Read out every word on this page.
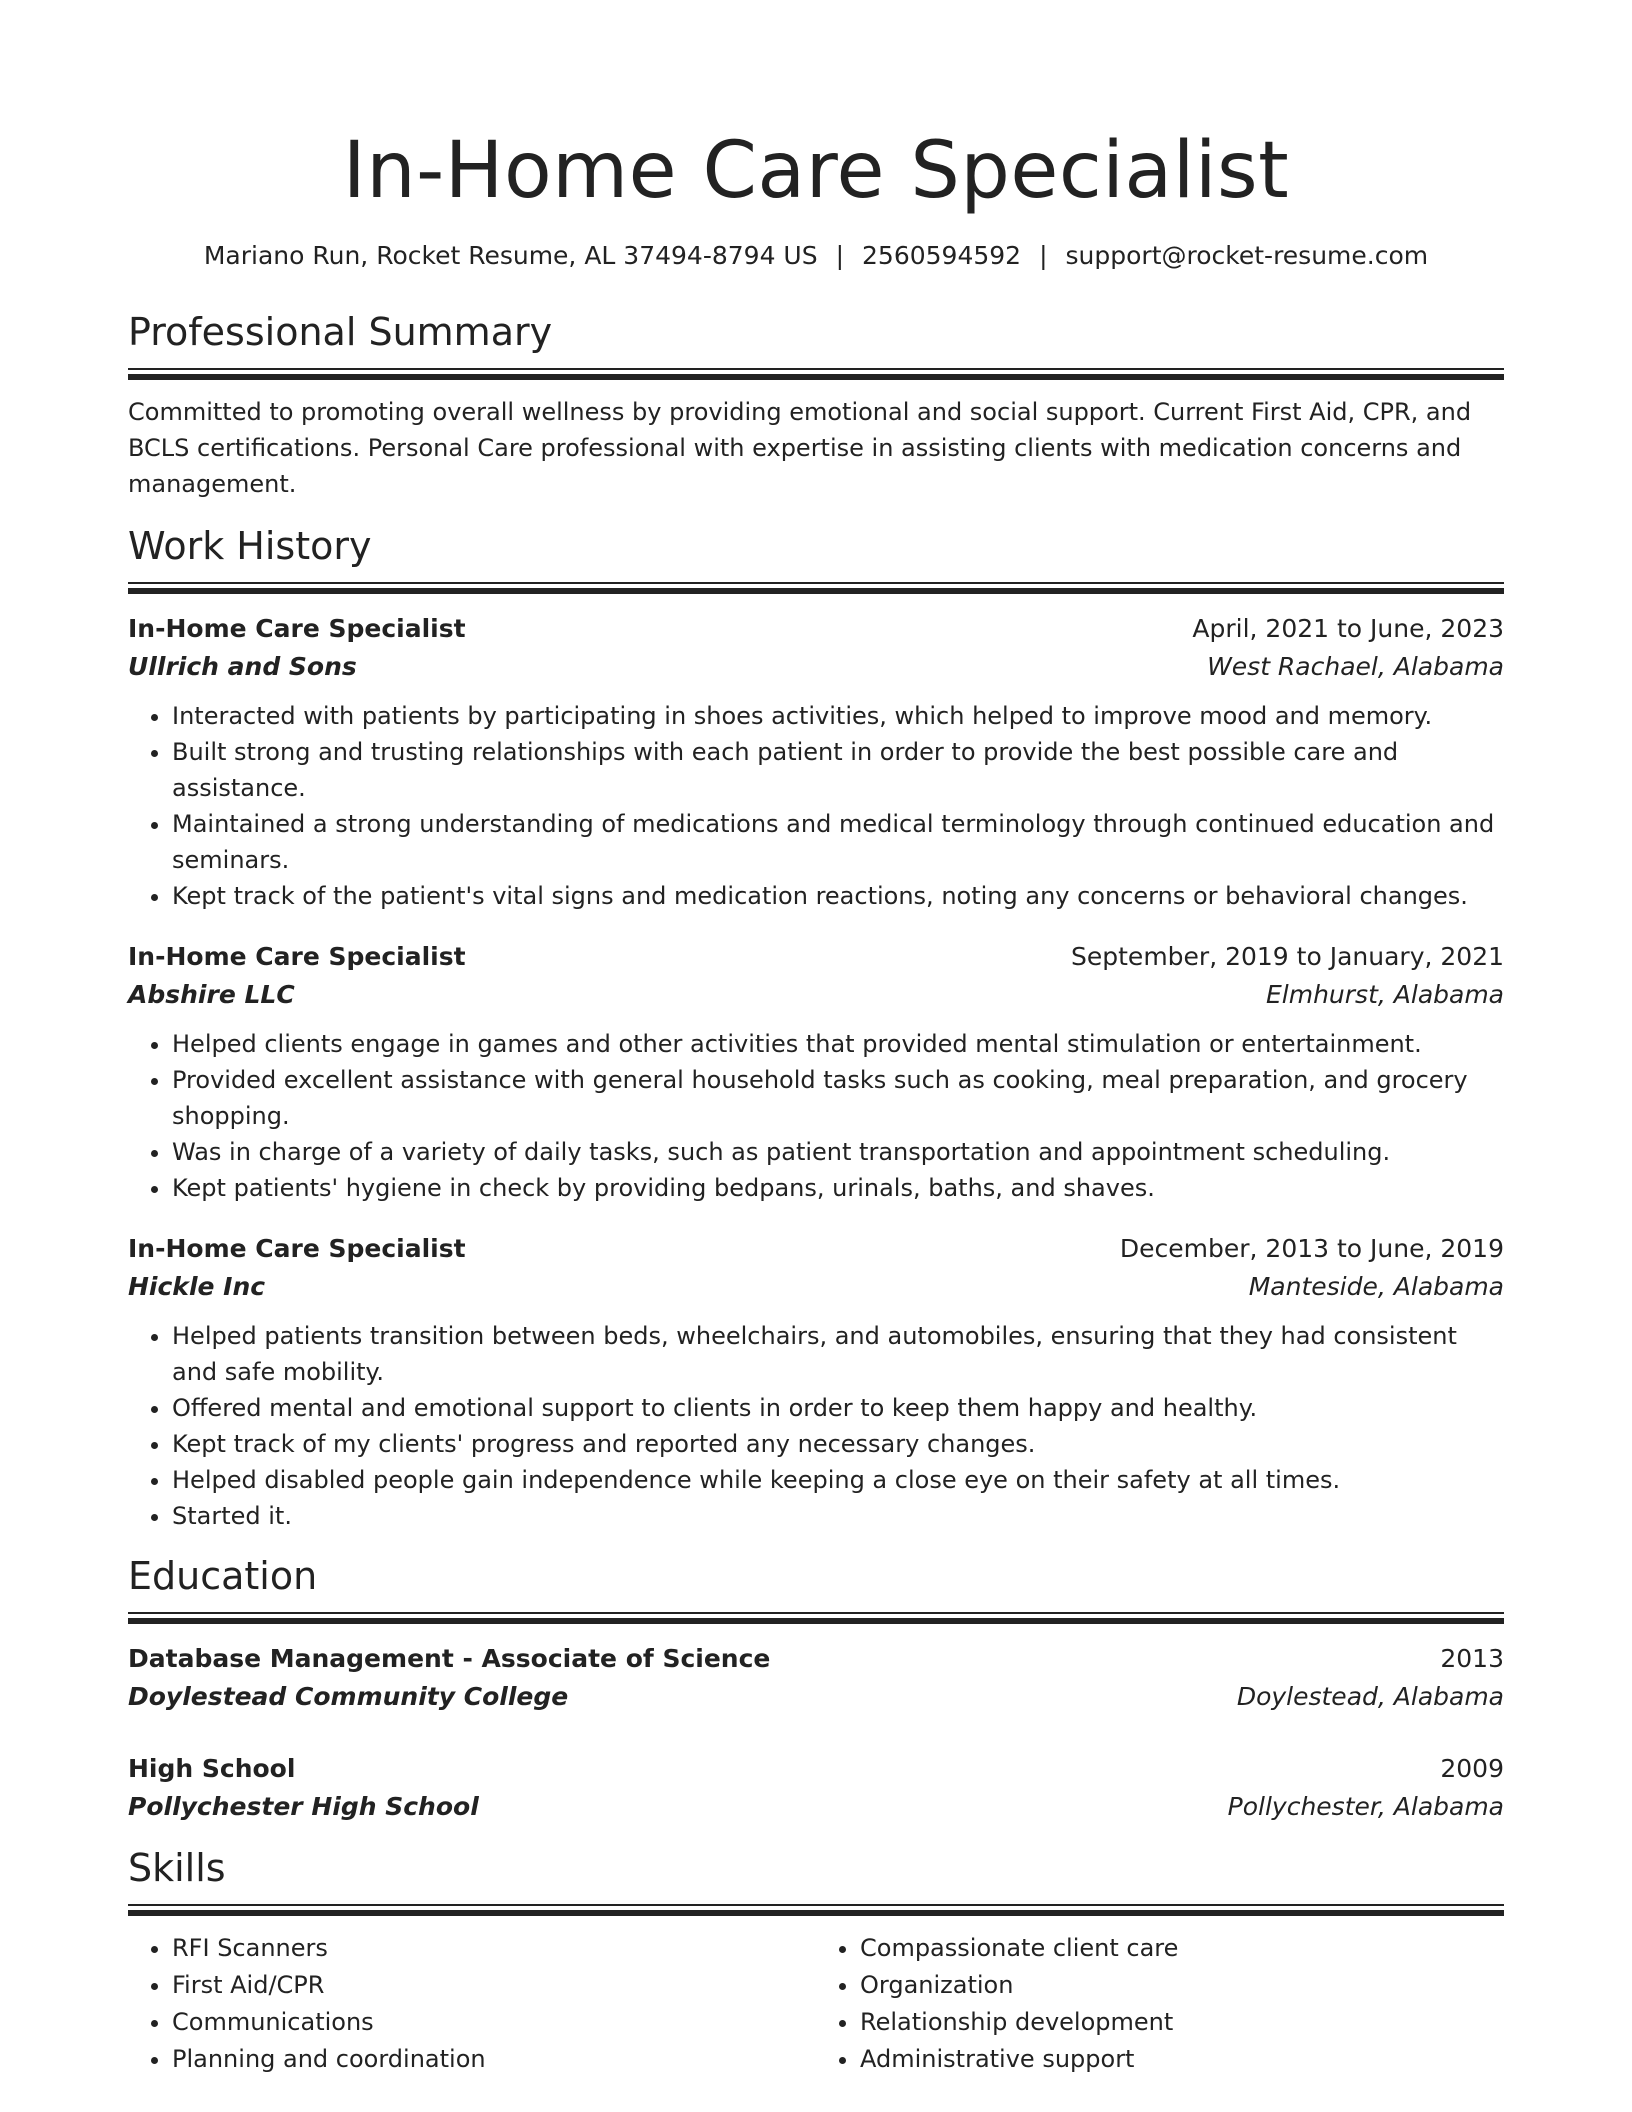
In-Home Care Specialist
Mariano Run, Rocket Resume, AL 37494-8794 US | 2560594592 | support@rocket-resume.com
Professional Summary
Committed to promoting overall wellness by providing emotional and social support. Current First Aid, CPR, and BCLS certifications. Personal Care professional with expertise in assisting clients with medication concerns and management.
Work History
In-Home Care Specialist	April, 2021 to June, 2023
Ullrich and Sons	West Rachael, Alabama
• Interacted with patients by participating in shoes activities, which helped to improve mood and memory.
• Built strong and trusting relationships with each patient in order to provide the best possible care and assistance.
• Maintained a strong understanding of medications and medical terminology through continued education and seminars.
• Kept track of the patient's vital signs and medication reactions, noting any concerns or behavioral changes.
In-Home Care Specialist	September, 2019 to January, 2021
Abshire LLC	Elmhurst, Alabama
• Helped clients engage in games and other activities that provided mental stimulation or entertainment.
• Provided excellent assistance with general household tasks such as cooking, meal preparation, and grocery shopping.
• Was in charge of a variety of daily tasks, such as patient transportation and appointment scheduling.
• Kept patients' hygiene in check by providing bedpans, urinals, baths, and shaves.
In-Home Care Specialist	December, 2013 to June, 2019
Hickle Inc	Manteside, Alabama
• Helped patients transition between beds, wheelchairs, and automobiles, ensuring that they had consistent and safe mobility.
• Offered mental and emotional support to clients in order to keep them happy and healthy.
• Kept track of my clients' progress and reported any necessary changes.
• Helped disabled people gain independence while keeping a close eye on their safety at all times.
• Started it.
Education
Database Management - Associate of Science	2013
Doylestead Community College	Doylestead, Alabama
High School	2009
Pollychester High School	Pollychester, Alabama
Skills
• RFI Scanners
• First Aid/CPR
• Communications
• Planning and coordination
• Compassionate client care
• Organization
• Relationship development
• Administrative support
